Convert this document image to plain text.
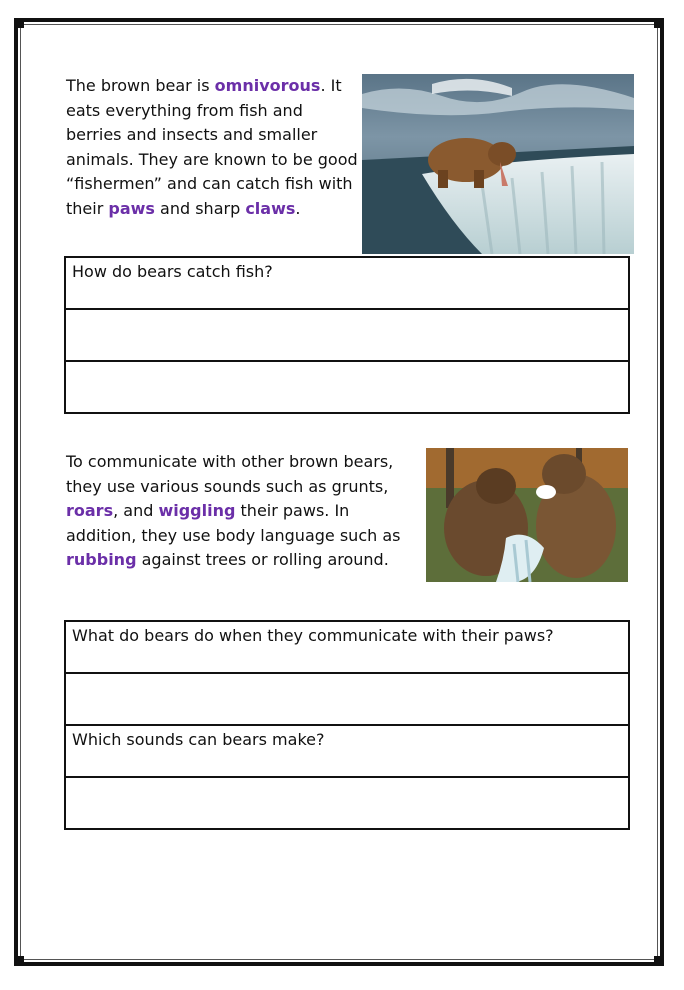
The brown bear is omnivorous. It eats everything from fish and berries and insects and smaller animals. They are known to be good “fishermen” and can catch fish with their paws and sharp claws.

How do bears catch fish?

To communicate with other brown bears, they use various sounds such as grunts, roars, and wiggling their paws. In addition, they use body language such as rubbing against trees or rolling around.

What do bears do when they communicate with their paws?

Which sounds can bears make?
